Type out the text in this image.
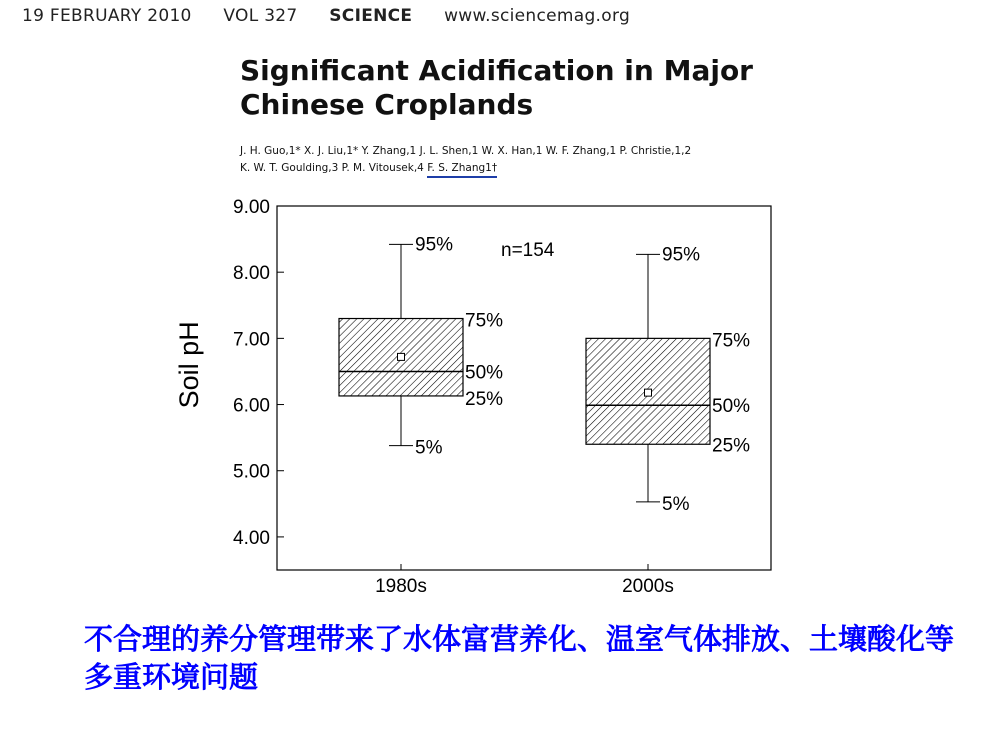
19 FEBRUARY 2010 VOL 327 SCIENCE www.sciencemag.org
Significant Acidification in Major Chinese Croplands
J. H. Guo,1* X. J. Liu,1* Y. Zhang,1 J. L. Shen,1 W. X. Han,1 W. F. Zhang,1 P. Christie,1,2
K. W. T. Goulding,3 P. M. Vitousek,4 F. S. Zhang1†
9.00
8.00
7.00
6.00
5.00
4.00
Soil pH
n=154
1980s
95%
75%
50%
25%
5%
2000s
95%
75%
50%
25%
5%
不合理的养分管理带来了水体富营养化、温室气体排放、土壤酸化等多重环境问题
